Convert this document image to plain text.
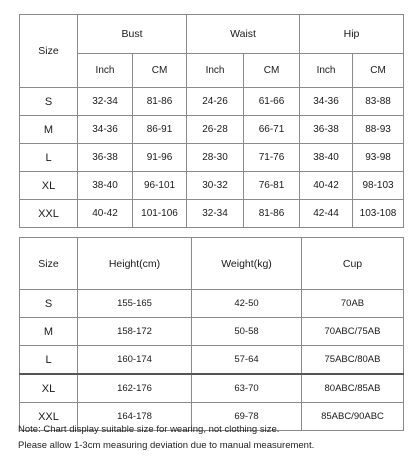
Size	Bust		Waist		Hip	
	Inch	CM	Inch	CM	Inch	CM
S	32-34	81-86	24-26	61-66	34-36	83-88
M	34-36	86-91	26-28	66-71	36-38	88-93
L	36-38	91-96	28-30	71-76	38-40	93-98
XL	38-40	96-101	30-32	76-81	40-42	98-103
XXL	40-42	101-106	32-34	81-86	42-44	103-108
Size	Height(cm)	Weight(kg)	Cup
S	155-165	42-50	70AB
M	158-172	50-58	70ABC/75AB
L	160-174	57-64	75ABC/80AB
XL	162-176	63-70	80ABC/85AB
XXL	164-178	69-78	85ABC/90ABC
Note: Chart display suitable size for wearing, not clothing size.
Please allow 1-3cm measuring deviation due to manual measurement.
